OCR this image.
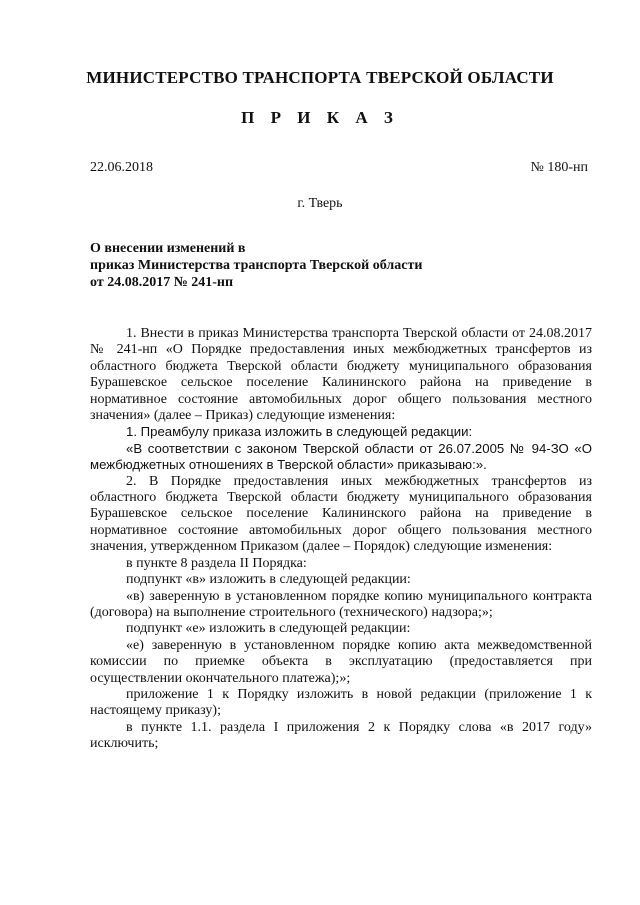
МИНИСТЕРСТВО ТРАНСПОРТА ТВЕРСКОЙ ОБЛАСТИ
П Р И К А З
22.06.2018	№ 180-нп
г. Тверь
О внесении изменений в
приказ Министерства транспорта Тверской области
от 24.08.2017 № 241-нп

1. Внести в приказ Министерства транспорта Тверской области от 24.08.2017 № 241-нп «О Порядке предоставления иных межбюджетных трансфертов из областного бюджета Тверской области бюджету муниципального образования Бурашевское сельское поселение Калининского района на приведение в нормативное состояние автомобильных дорог общего пользования местного значения» (далее – Приказ) следующие изменения:

1. Преамбулу приказа изложить в следующей редакции:

«В соответствии с законом Тверской области от 26.07.2005 № 94-ЗО «О межбюджетных отношениях в Тверской области» приказываю:».

2. В Порядке предоставления иных межбюджетных трансфертов из областного бюджета Тверской области бюджету муниципального образования Бурашевское сельское поселение Калининского района на приведение в нормативное состояние автомобильных дорог общего пользования местного значения, утвержденном Приказом (далее – Порядок) следующие изменения:

в пункте 8 раздела II Порядка:

подпункт «в» изложить в следующей редакции:

«в) заверенную в установленном порядке копию муниципального контракта (договора) на выполнение строительного (технического) надзора;»;

подпункт «е» изложить в следующей редакции:

«е) заверенную в установленном порядке копию акта межведомственной комиссии по приемке объекта в эксплуатацию (предоставляется при осуществлении окончательного платежа);»;

приложение 1 к Порядку изложить в новой редакции (приложение 1 к настоящему приказу);

в пункте 1.1. раздела I приложения 2 к Порядку слова «в 2017 году» исключить;
